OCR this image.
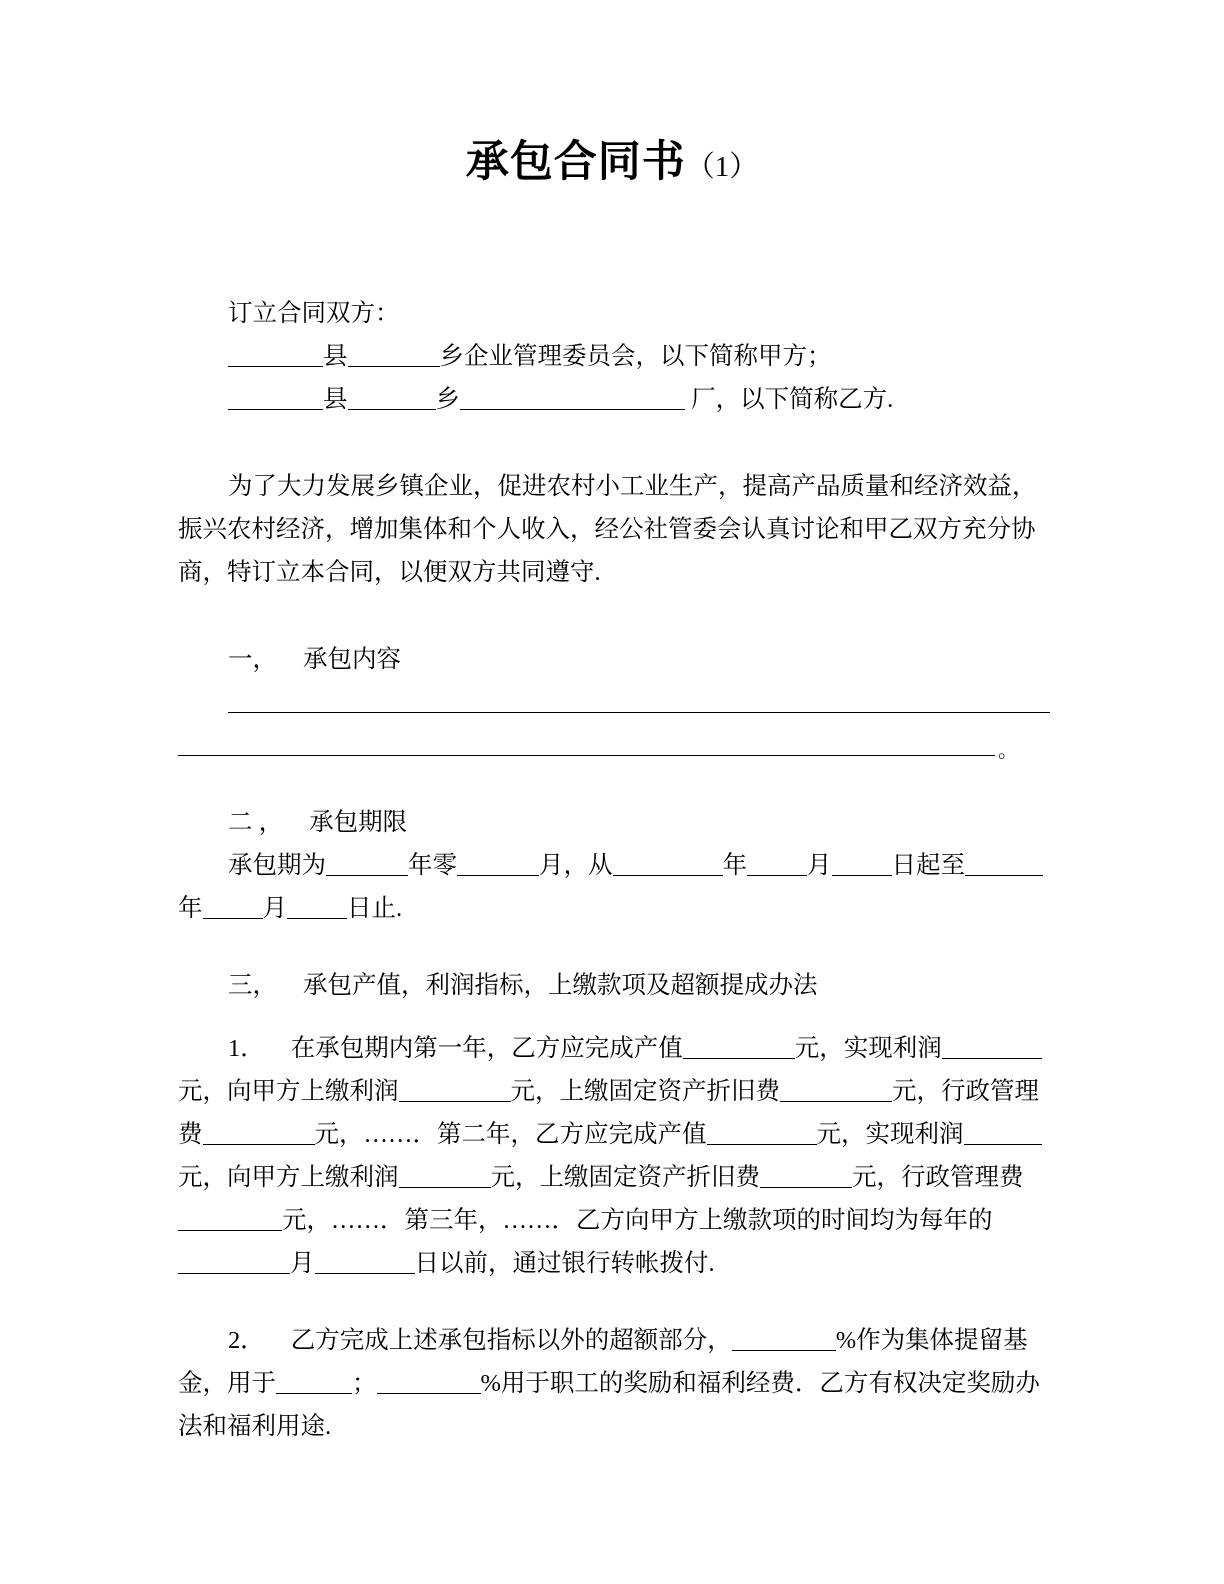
承包合同书（1）

订立合同双方：

县	乡企业管理委员会，以下简称甲方；

县	乡	厂，以下简称乙方.

为了大力发展乡镇企业，促进农村小工业生产，提高产品质量和经济效益，振兴农村经济，增加集体和个人收入，经公社管委会认真讨论和甲乙双方充分协商，特订立本合同，以便双方共同遵守.

一， 承包内容

。

二 ， 承包期限

承包期为	年零	月，从	年 月 日起至年 月 日止.

三， 承包产值，利润指标，上缴款项及超额提成办法

1． 在承包期内第一年，乙方应完成产值	元，实现利润元，向甲方上缴利润	元，上缴固定资产折旧费	元，行政管理费	元，……．第二年，乙方应完成产值	元，实现利润元，向甲方上缴利润	元，上缴固定资产折旧费	元，行政管理费元，……．第三年，……．乙方向甲方上缴款项的时间均为每年的月	日以前，通过银行转帐拨付.

2． 乙方完成上述承包指标以外的超额部分，	%作为集体提留基金，用于	；	%用于职工的奖励和福利经费．乙方有权决定奖励办法和福利用途.
